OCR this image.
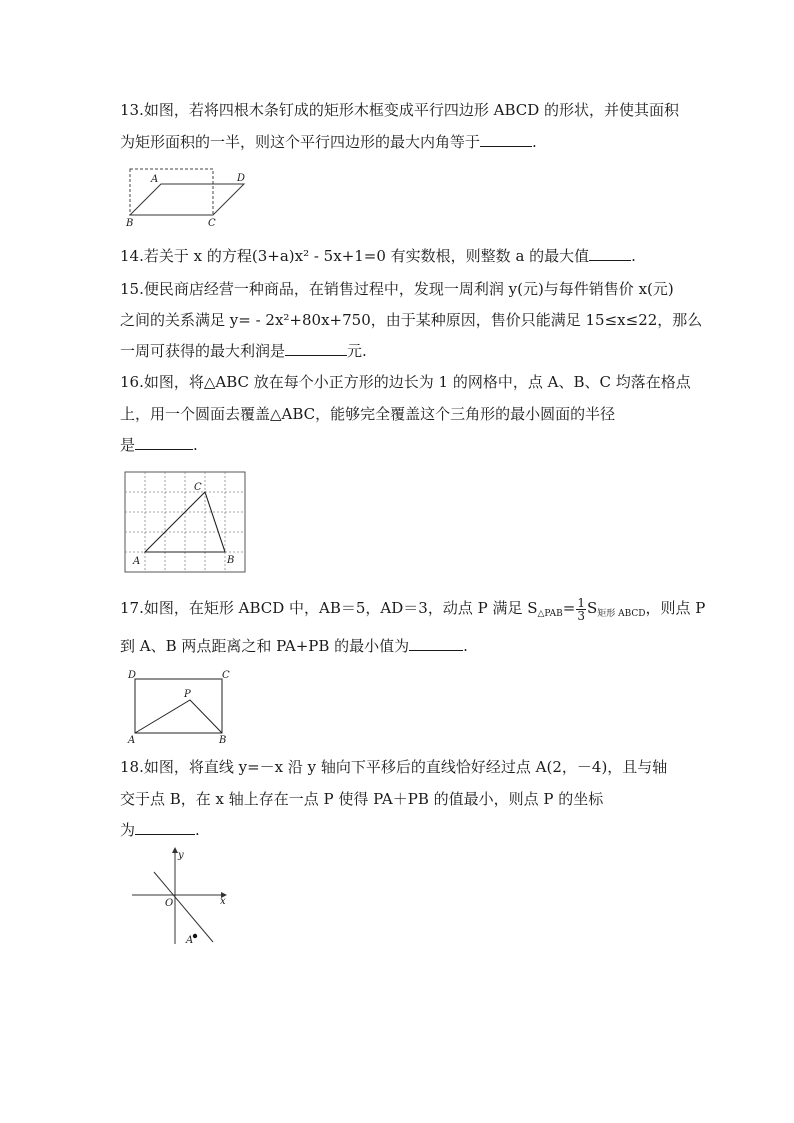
13.如图，若将四根木条钉成的矩形木框变成平行四边形 ABCD 的形状，并使其面积
为矩形面积的一半，则这个平行四边形的最大内角等于	.
A	D
B	C
14.若关于 x 的方程(3+a)x² - 5x+1=0 有实数根，则整数 a 的最大值	.
15.便民商店经营一种商品，在销售过程中，发现一周利润 y(元)与每件销售价 x(元)
之间的关系满足 y= - 2x²+80x+750，由于某种原因，售价只能满足 15≤x≤22，那么
一周可获得的最大利润是	元.
16.如图，将△ABC 放在每个小正方形的边长为 1 的网格中，点 A、B、C 均落在格点
上，用一个圆面去覆盖△ABC，能够完全覆盖这个三角形的最小圆面的半径
是	.
A	B
C
17.如图，在矩形 ABCD 中，AB＝5，AD＝3，动点 P 满足 $S_{\triangle PAB}= \frac{1}{3} S_{矩形 ABCD}$，则点 P
到 A、B 两点距离之和 PA+PB 的最小值为	.
D	C
P
A	B
18.如图，将直线 y=－x 沿 y 轴向下平移后的直线恰好经过点 A(2，－4)，且与轴
交于点 B，在 x 轴上存在一点 P 使得 PA＋PB 的值最小，则点 P 的坐标
为	.
O	x
y
A
